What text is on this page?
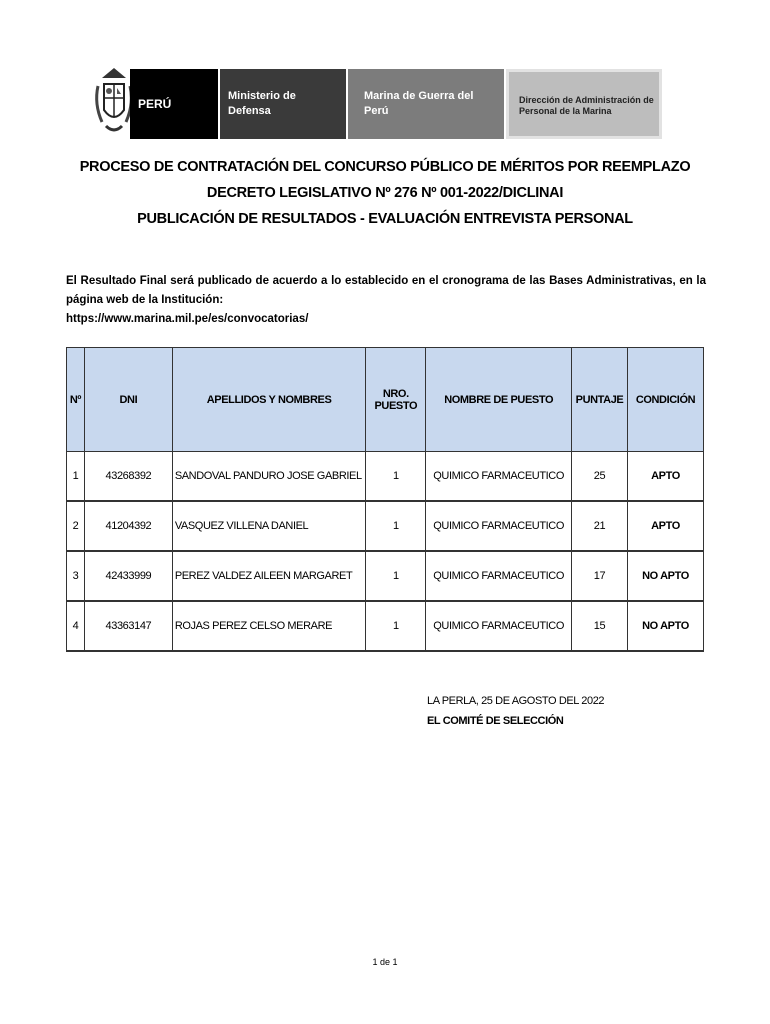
PERÚ
Ministerio de Defensa
Marina de Guerra del Perú
Dirección de Administración de Personal de la Marina
PROCESO DE CONTRATACIÓN DEL CONCURSO PÚBLICO DE MÉRITOS POR REEMPLAZO
DECRETO LEGISLATIVO Nº 276 Nº 001-2022/DICLINAI
PUBLICACIÓN DE RESULTADOS - EVALUACIÓN ENTREVISTA PERSONAL
El Resultado Final será publicado de acuerdo a lo establecido en el cronograma de las Bases Administrativas, en la página web de la Institución:
https://www.marina.mil.pe/es/convocatorias/
Nº	DNI	APELLIDOS Y NOMBRES	NRO. PUESTO	NOMBRE DE PUESTO	PUNTAJE	CONDICIÓN
1	43268392	SANDOVAL PANDURO JOSE GABRIEL	1	QUIMICO FARMACEUTICO	25	APTO
2	41204392	VASQUEZ VILLENA DANIEL	1	QUIMICO FARMACEUTICO	21	APTO
3	42433999	PEREZ VALDEZ AILEEN MARGARET	1	QUIMICO FARMACEUTICO	17	NO APTO
4	43363147	ROJAS PEREZ CELSO MERARE	1	QUIMICO FARMACEUTICO	15	NO APTO
LA PERLA, 25 DE AGOSTO DEL 2022
EL COMITÉ DE SELECCIÓN
1 de 1
